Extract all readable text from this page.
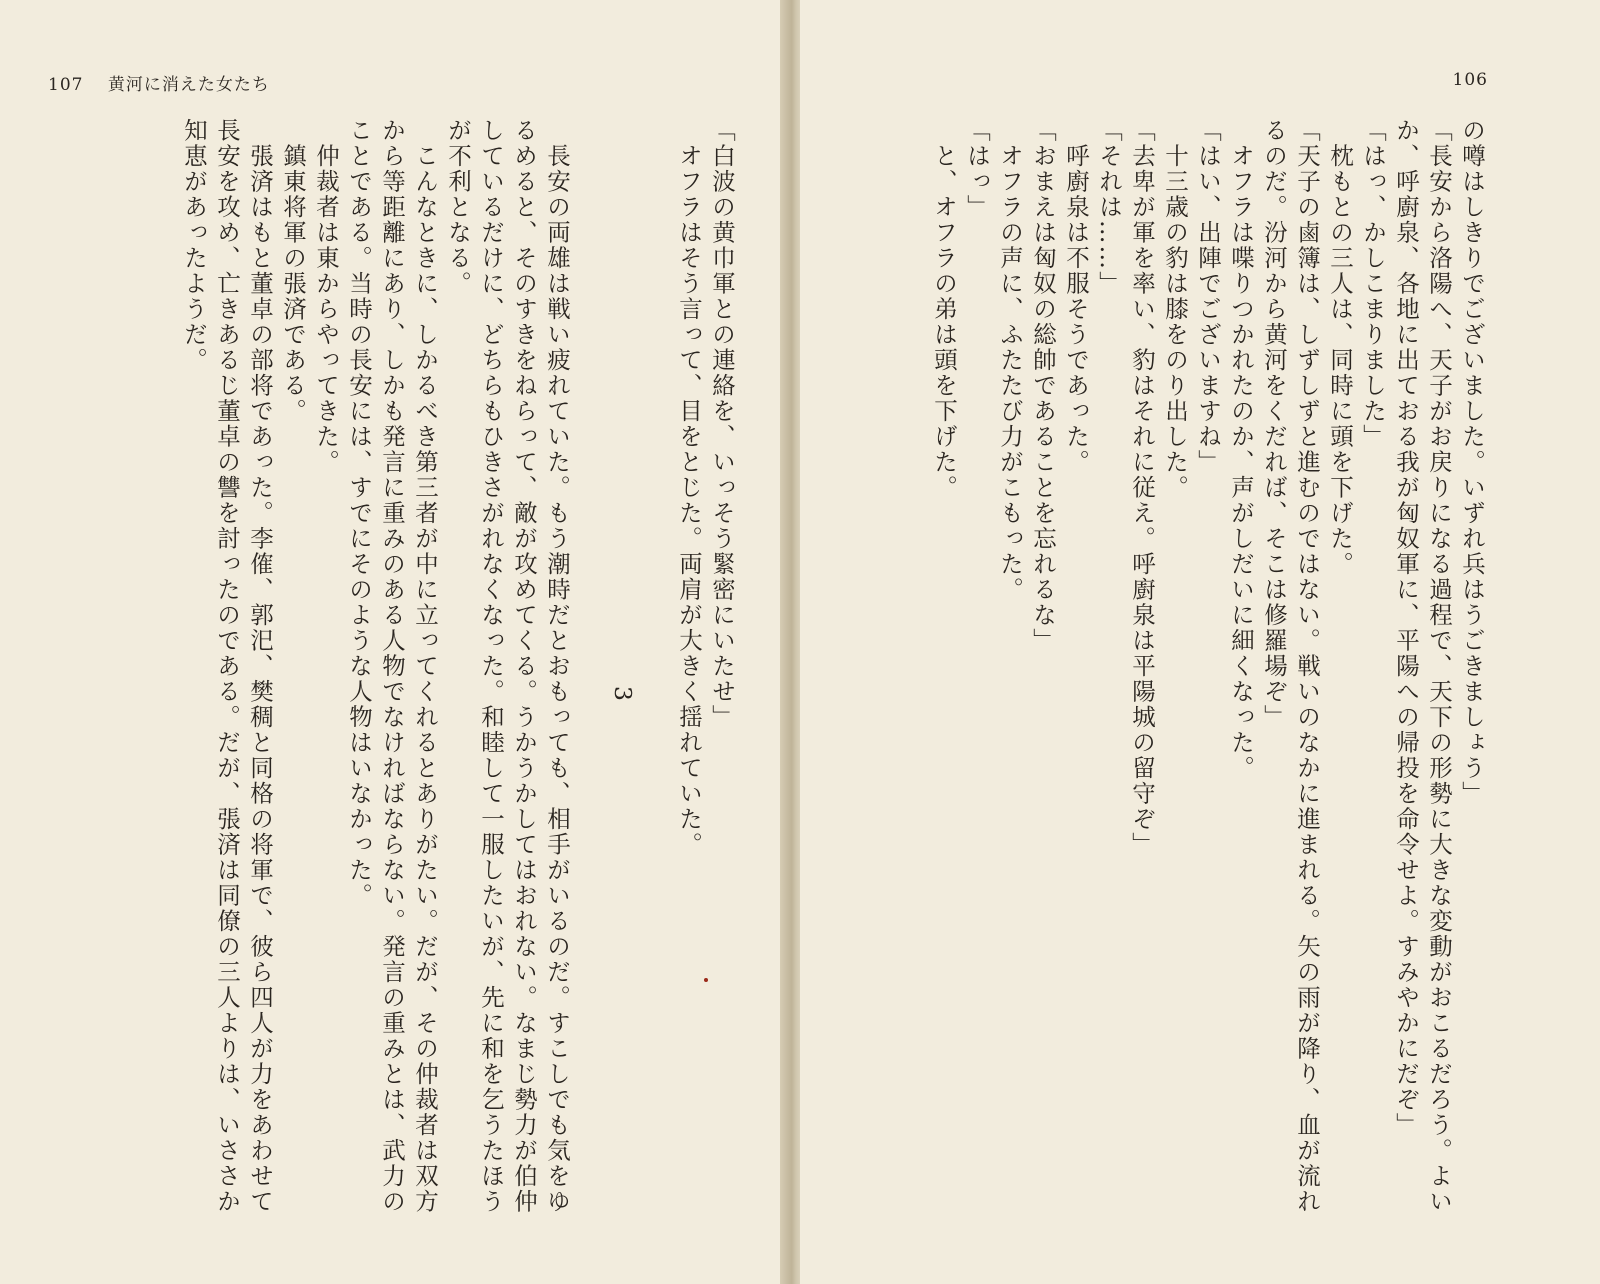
107 黄河に消えた女たち

「白波の黄巾軍との連絡を、いっそう緊密にいたせ」

　オフラはそう言って、目をとじた。両肩が大きく揺れていた。

3

　長安の両雄は戦い疲れていた。もう潮時だとおもっても、相手がいるのだ。すこしでも気をゆ

るめると、そのすきをねらって、敵が攻めてくる。うかうかしてはおれない。なまじ勢力が伯仲

しているだけに、どちらもひきさがれなくなった。和睦して一服したいが、先に和を乞うたほう

が不利となる。

　こんなときに、しかるべき第三者が中に立ってくれるとありがたい。だが、その仲裁者は双方

から等距離にあり、しかも発言に重みのある人物でなければならない。発言の重みとは、武力の

ことである。当時の長安には、すでにそのような人物はいなかった。

　仲裁者は東からやってきた。

　鎮東将軍の張済である。

　張済はもと董卓の部将であった。李傕、郭汜、樊稠と同格の将軍で、彼ら四人が力をあわせて

長安を攻め、亡きあるじ董卓の讐を討ったのである。だが、張済は同僚の三人よりは、いささか

知恵があったようだ。

106

の噂はしきりでございました。いずれ兵はうごきましょう」

「長安から洛陽へ、天子がお戻りになる過程で、天下の形勢に大きな変動がおこるだろう。よい

か、呼廚泉、各地に出ておる我が匈奴軍に、平陽への帰投を命令せよ。すみやかにだぞ」

「はっ、かしこまりました」

　枕もとの三人は、同時に頭を下げた。

「天子の鹵簿は、しずしずと進むのではない。戦いのなかに進まれる。矢の雨が降り、血が流れ

るのだ。汾河から黄河をくだれば、そこは修羅場ぞ」

　オフラは喋りつかれたのか、声がしだいに細くなった。

「はい、出陣でございますね」

　十三歳の豹は膝をのり出した。

「去卑が軍を率い、豹はそれに従え。呼廚泉は平陽城の留守ぞ」

「それは……」

　呼廚泉は不服そうであった。

「おまえは匈奴の総帥であることを忘れるな」

　オフラの声に、ふたたび力がこもった。

「はっ」

　と、オフラの弟は頭を下げた。
